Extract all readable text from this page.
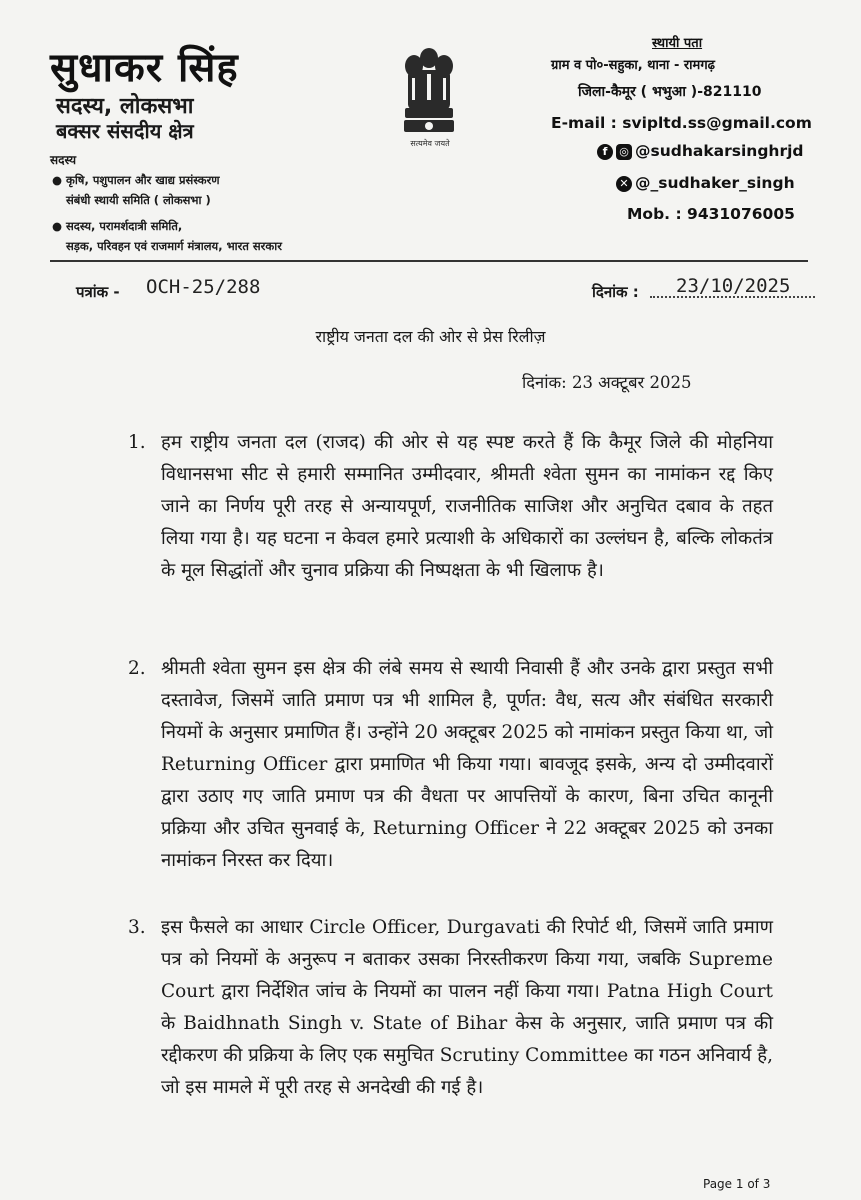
सुधाकर सिंह
सदस्य, लोकसभा
बक्सर संसदीय क्षेत्र
सदस्य
● कृषि, पशुपालन और खाद्य प्रसंस्करण
संबंधी स्थायी समिति ( लोकसभा )
● सदस्य, परामर्शदात्री समिति,
सड़क, परिवहन एवं राजमार्ग मंत्रालय, भारत सरकार
सत्यमेव जयते
स्थायी पता
ग्राम व पो०-सहुका, थाना - रामगढ़
जिला-कैमूर ( भभुआ )-821110
E-mail : svipltd.ss@gmail.com
f ◎ @sudhakarsinghrjd
✕ @_sudhaker_singh
Mob. : 9431076005
पत्रांक - OCH-25/288	दिनांक : 23/10/2025
राष्ट्रीय जनता दल की ओर से प्रेस रिलीज़
दिनांक: 23 अक्टूबर 2025
1. हम राष्ट्रीय जनता दल (राजद) की ओर से यह स्पष्ट करते हैं कि कैमूर जिले की मोहनिया विधानसभा सीट से हमारी सम्मानित उम्मीदवार, श्रीमती श्वेता सुमन का नामांकन रद्द किए जाने का निर्णय पूरी तरह से अन्यायपूर्ण, राजनीतिक साजिश और अनुचित दबाव के तहत लिया गया है। यह घटना न केवल हमारे प्रत्याशी के अधिकारों का उल्लंघन है, बल्कि लोकतंत्र के मूल सिद्धांतों और चुनाव प्रक्रिया की निष्पक्षता के भी खिलाफ है।
2. श्रीमती श्वेता सुमन इस क्षेत्र की लंबे समय से स्थायी निवासी हैं और उनके द्वारा प्रस्तुत सभी दस्तावेज, जिसमें जाति प्रमाण पत्र भी शामिल है, पूर्णत: वैध, सत्य और संबंधित सरकारी नियमों के अनुसार प्रमाणित हैं। उन्होंने 20 अक्टूबर 2025 को नामांकन प्रस्तुत किया था, जो Returning Officer द्वारा प्रमाणित भी किया गया। बावजूद इसके, अन्य दो उम्मीदवारों द्वारा उठाए गए जाति प्रमाण पत्र की वैधता पर आपत्तियों के कारण, बिना उचित कानूनी प्रक्रिया और उचित सुनवाई के, Returning Officer ने 22 अक्टूबर 2025 को उनका नामांकन निरस्त कर दिया।
3. इस फैसले का आधार Circle Officer, Durgavati की रिपोर्ट थी, जिसमें जाति प्रमाण पत्र को नियमों के अनुरूप न बताकर उसका निरस्तीकरण किया गया, जबकि Supreme Court द्वारा निर्देशित जांच के नियमों का पालन नहीं किया गया। Patna High Court के Baidhnath Singh v. State of Bihar केस के अनुसार, जाति प्रमाण पत्र की रद्दीकरण की प्रक्रिया के लिए एक समुचित Scrutiny Committee का गठन अनिवार्य है, जो इस मामले में पूरी तरह से अनदेखी की गई है।
Page 1 of 3
